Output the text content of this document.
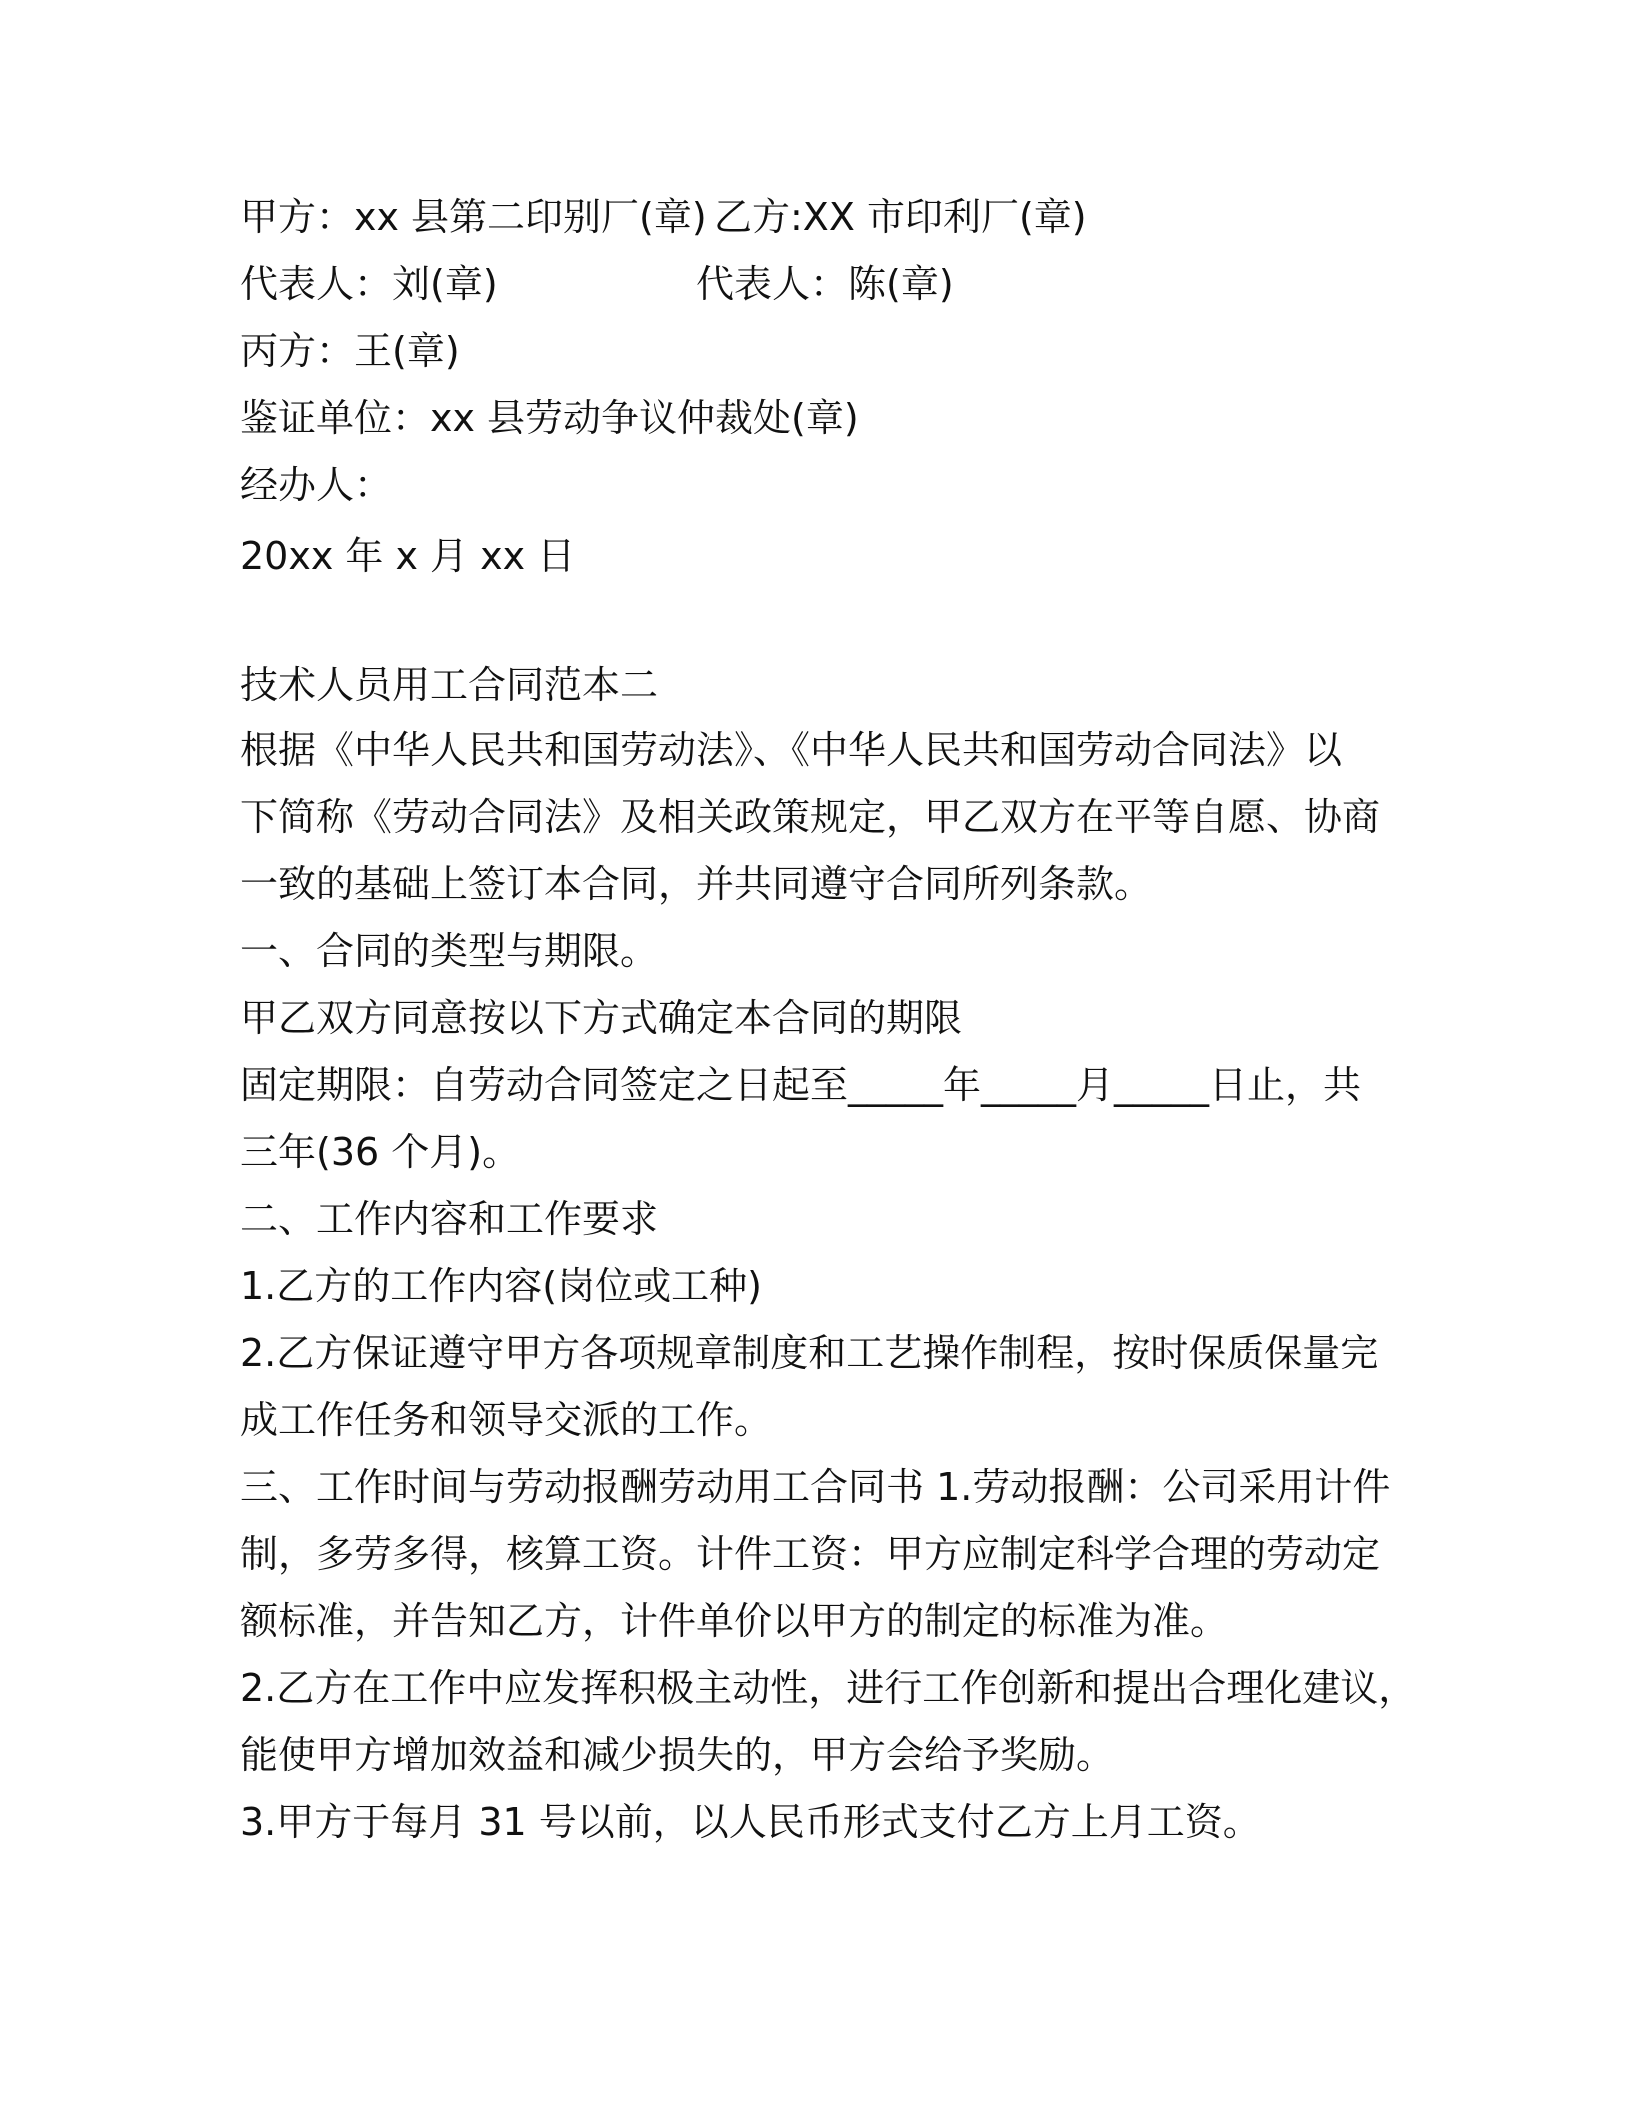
甲方：xx 县第二印别厂(章) 乙方:XX 市印利厂(章)
代表人：刘(章)	代表人：陈(章)
丙方：王(章)
鉴证单位：xx 县劳动争议仲裁处(章)
经办人：
20xx 年 x 月 xx 日
技术人员用工合同范本二
根据《中华人民共和国劳动法》、《中华人民共和国劳动合同法》以
下简称《劳动合同法》及相关政策规定，甲乙双方在平等自愿、协商
一致的基础上签订本合同，并共同遵守合同所列条款。
一、合同的类型与期限。
甲乙双方同意按以下方式确定本合同的期限
固定期限：自劳动合同签定之日起至_____年_____月_____日止，共
三年(36 个月)。
二、工作内容和工作要求
1.乙方的工作内容(岗位或工种)
2.乙方保证遵守甲方各项规章制度和工艺操作制程，按时保质保量完
成工作任务和领导交派的工作。
三、工作时间与劳动报酬劳动用工合同书 1.劳动报酬：公司采用计件
制，多劳多得，核算工资。计件工资：甲方应制定科学合理的劳动定
额标准，并告知乙方，计件单价以甲方的制定的标准为准。
2.乙方在工作中应发挥积极主动性，进行工作创新和提出合理化建议，
能使甲方增加效益和减少损失的，甲方会给予奖励。
3.甲方于每月 31 号以前，以人民币形式支付乙方上月工资。
